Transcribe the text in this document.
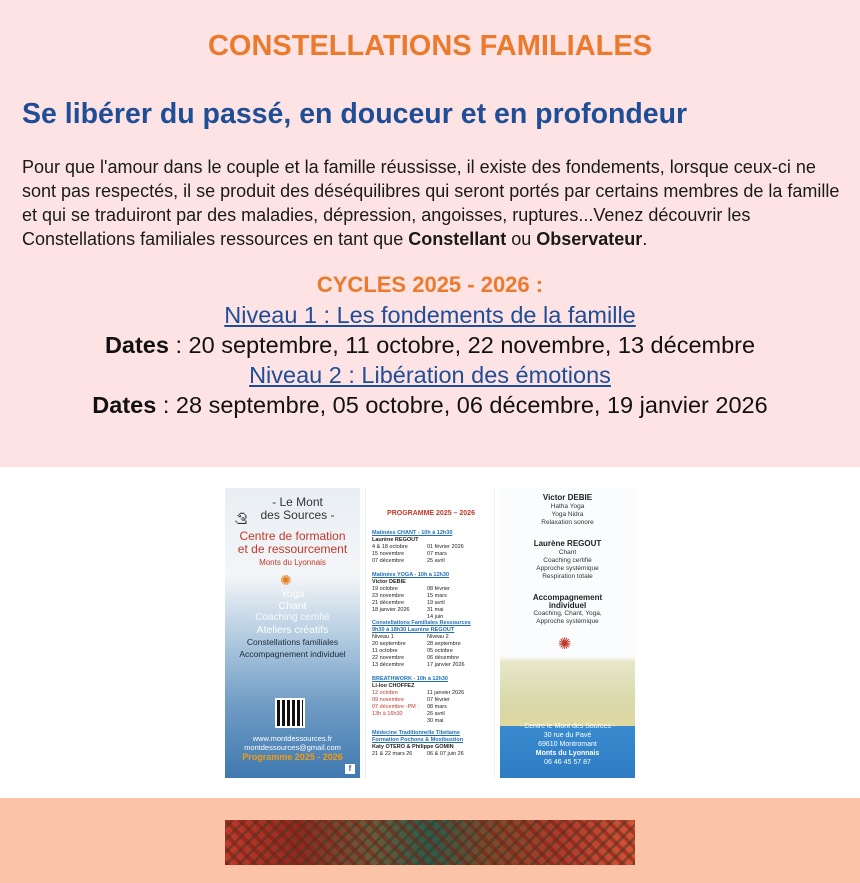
CONSTELLATIONS FAMILIALES
Se libérer du passé, en douceur et en profondeur

Pour que l'amour dans le couple et la famille réussisse, il existe des fondements, lorsque ceux-ci ne sont pas respectés, il se produit des déséquilibres qui seront portés par certains membres de la famille et qui se traduiront par des maladies, dépression, angoisses, ruptures...Venez découvrir les Constellations familiales ressources en tant que Constellant ou Observateur.

CYCLES 2025 - 2026 :
Niveau 1 : Les fondements de la famille
Dates : 20 septembre, 11 octobre, 22 novembre, 13 décembre
Niveau 2 : Libération des émotions
Dates : 28 septembre, 05 octobre, 06 décembre, 19 janvier 2026
ࡤ
- Le Mont
des Sources -
Centre de formation
et de ressourcement
Monts du Lyonnais
✺
Yoga
Chant
Coaching certifié
Ateliers créatifs
Constellations familiales
Accompagnement individuel
www.montdessources.fr
montdessources@gmail.com
Programme 2025 - 2026
f
PROGRAMME 2025 – 2026
Matinées CHANT - 10h à 12h30
Laurène REGOUT
4 & 18 octobre
15 novembre
07 décembre01 février 2026
07 mars
25 avril
Matinées YOGA - 10h à 12h30
Victor DEBIE
19 octobre
23 novembre
21 décembre
18 janvier 202608 février
15 mars
19 avril
31 mai
14 juin
Constellations Familiales Ressources
9h30 à 18h30 Laurène REGOUT
Niveau 1
20 septembre
11 octobre
22 novembre
13 décembreNiveau 2
28 septembre
05 octobre
06 décembre
17 janvier 2026
BREATHWORK - 10h à 12h30
Li-loo CHOFFEZ
12 octobre
09 novembre
07 décembre -PM :
13h à 16h3011 janvier 2026
07 février
08 mars
26 avril
30 mai
Médecine Traditionnelle Tibétaine
Formation Pochons & Moxibustion
Katy OTERO & Philippe GOMIN
21 & 22 mars 26	06 & 07 juin 26
Victor DEBIE
Hatha Yoga
Yoga Nidra
Relaxation sonore
Laurène REGOUT
Chant
Coaching certifié
Approche systémique
Respiration totale
Accompagnement
individuel
Coaching, Chant, Yoga,
Approche systémique
✺
- Centre le Mont des Sources -
30 rue du Pavé
69610 Montromant
Monts du Lyonnais
06 46 45 57 87
